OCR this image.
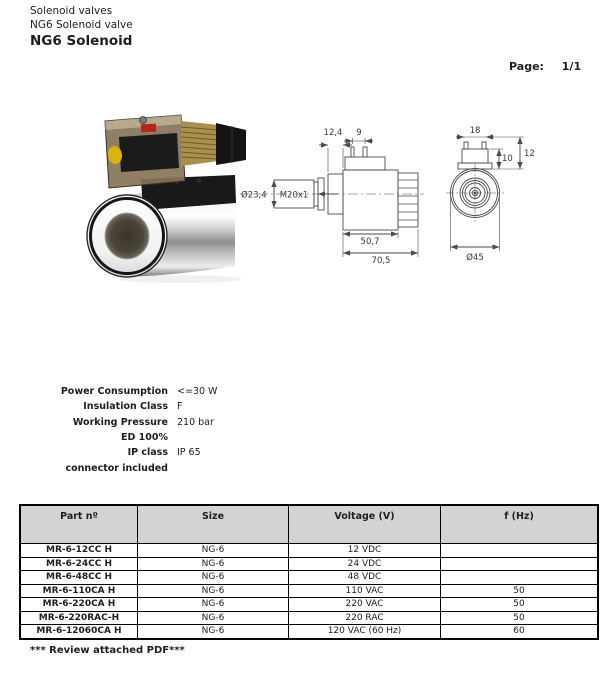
Solenoid valves
NG6 Solenoid valve
NG6 Solenoid
Page: 1/1
Ø23,4 M20x1
12,4 9
50,7
70,5
18
10 12
Ø45
Power Consumption <=30 W
Insulation Class F
Working Pressure 210 bar
ED 100%
IP class IP 65
connector included
Part nº	Size	Voltage (V)	f (Hz)
MR-6-12CC H	NG-6	12 VDC	
MR-6-24CC H	NG-6	24 VDC	
MR-6-48CC H	NG-6	48 VDC	
MR-6-110CA H	NG-6	110 VAC	50
MR-6-220CA H	NG-6	220 VAC	50
MR-6-220RAC-H	NG-6	220 RAC	50
MR-6-12060CA H	NG-6	120 VAC (60 Hz)	60
*** Review attached PDF***
